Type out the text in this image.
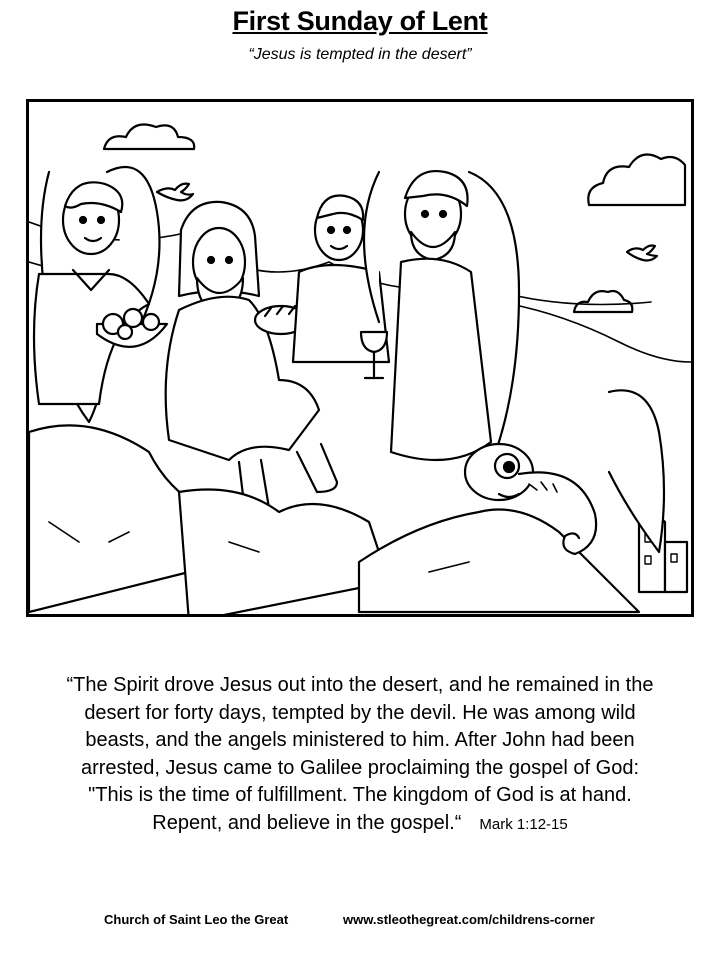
First Sunday of Lent
“Jesus is tempted in the desert”
“The Spirit drove Jesus out into the desert, and he remained in the
desert for forty days, tempted by the devil. He was among wild
beasts, and the angels ministered to him. After John had been
arrested, Jesus came to Galilee proclaiming the gospel of God:
"This is the time of fulfillment. The kingdom of God is at hand.
Repent, and believe in the gospel.“ Mark 1:12-15
Church of Saint Leo the Great	www.stleothegreat.com/childrens-corner
